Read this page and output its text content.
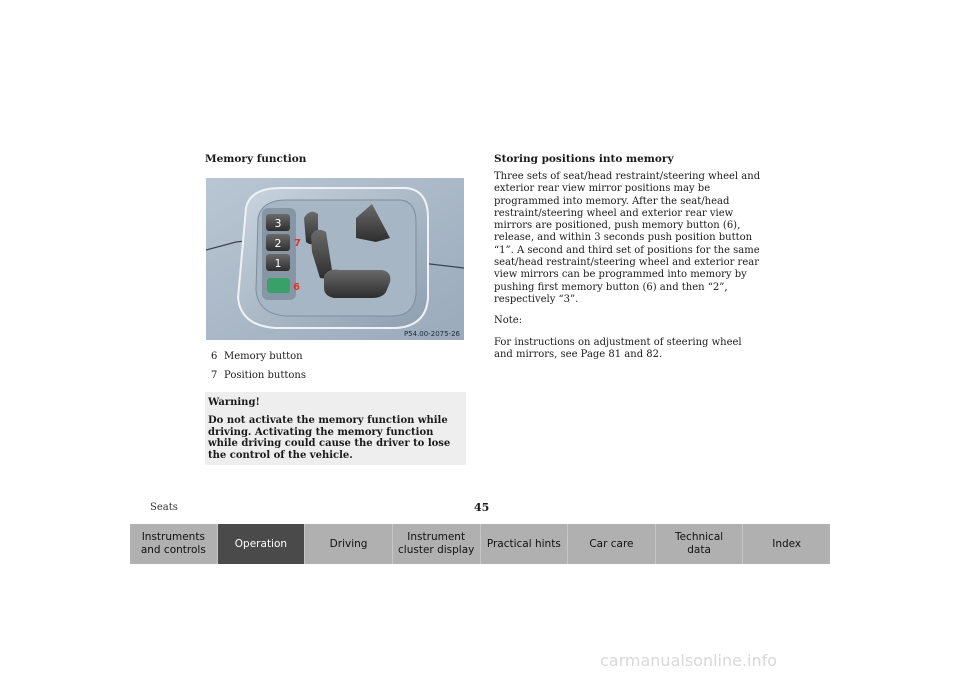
Memory function
3
2
1
7
6
P54.00-2075-26
6 Memory button
7 Position buttons
Warning!
Do not activate the memory function while driving. Activating the memory function while driving could cause the driver to lose the control of the vehicle.
Storing positions into memory

Three sets of seat/head restraint/steering wheel and exterior rear view mirror positions may be programmed into memory. After the seat/head restraint/steering wheel and exterior rear view mirrors are positioned, push memory button (6), release, and within 3 seconds push position button “1”. A second and third set of positions for the same seat/head restraint/steering wheel and exterior rear view mirrors can be programmed into memory by pushing first memory button (6) and then “2”, respectively “3”.

Note:

For instructions on adjustment of steering wheel and mirrors, see Page 81 and 82.

Seats	45
Instruments
and controls
Operation	Driving
Instrument
cluster display
Practical hints	Car care
Technical
data
Index
carmanualsonline.info
